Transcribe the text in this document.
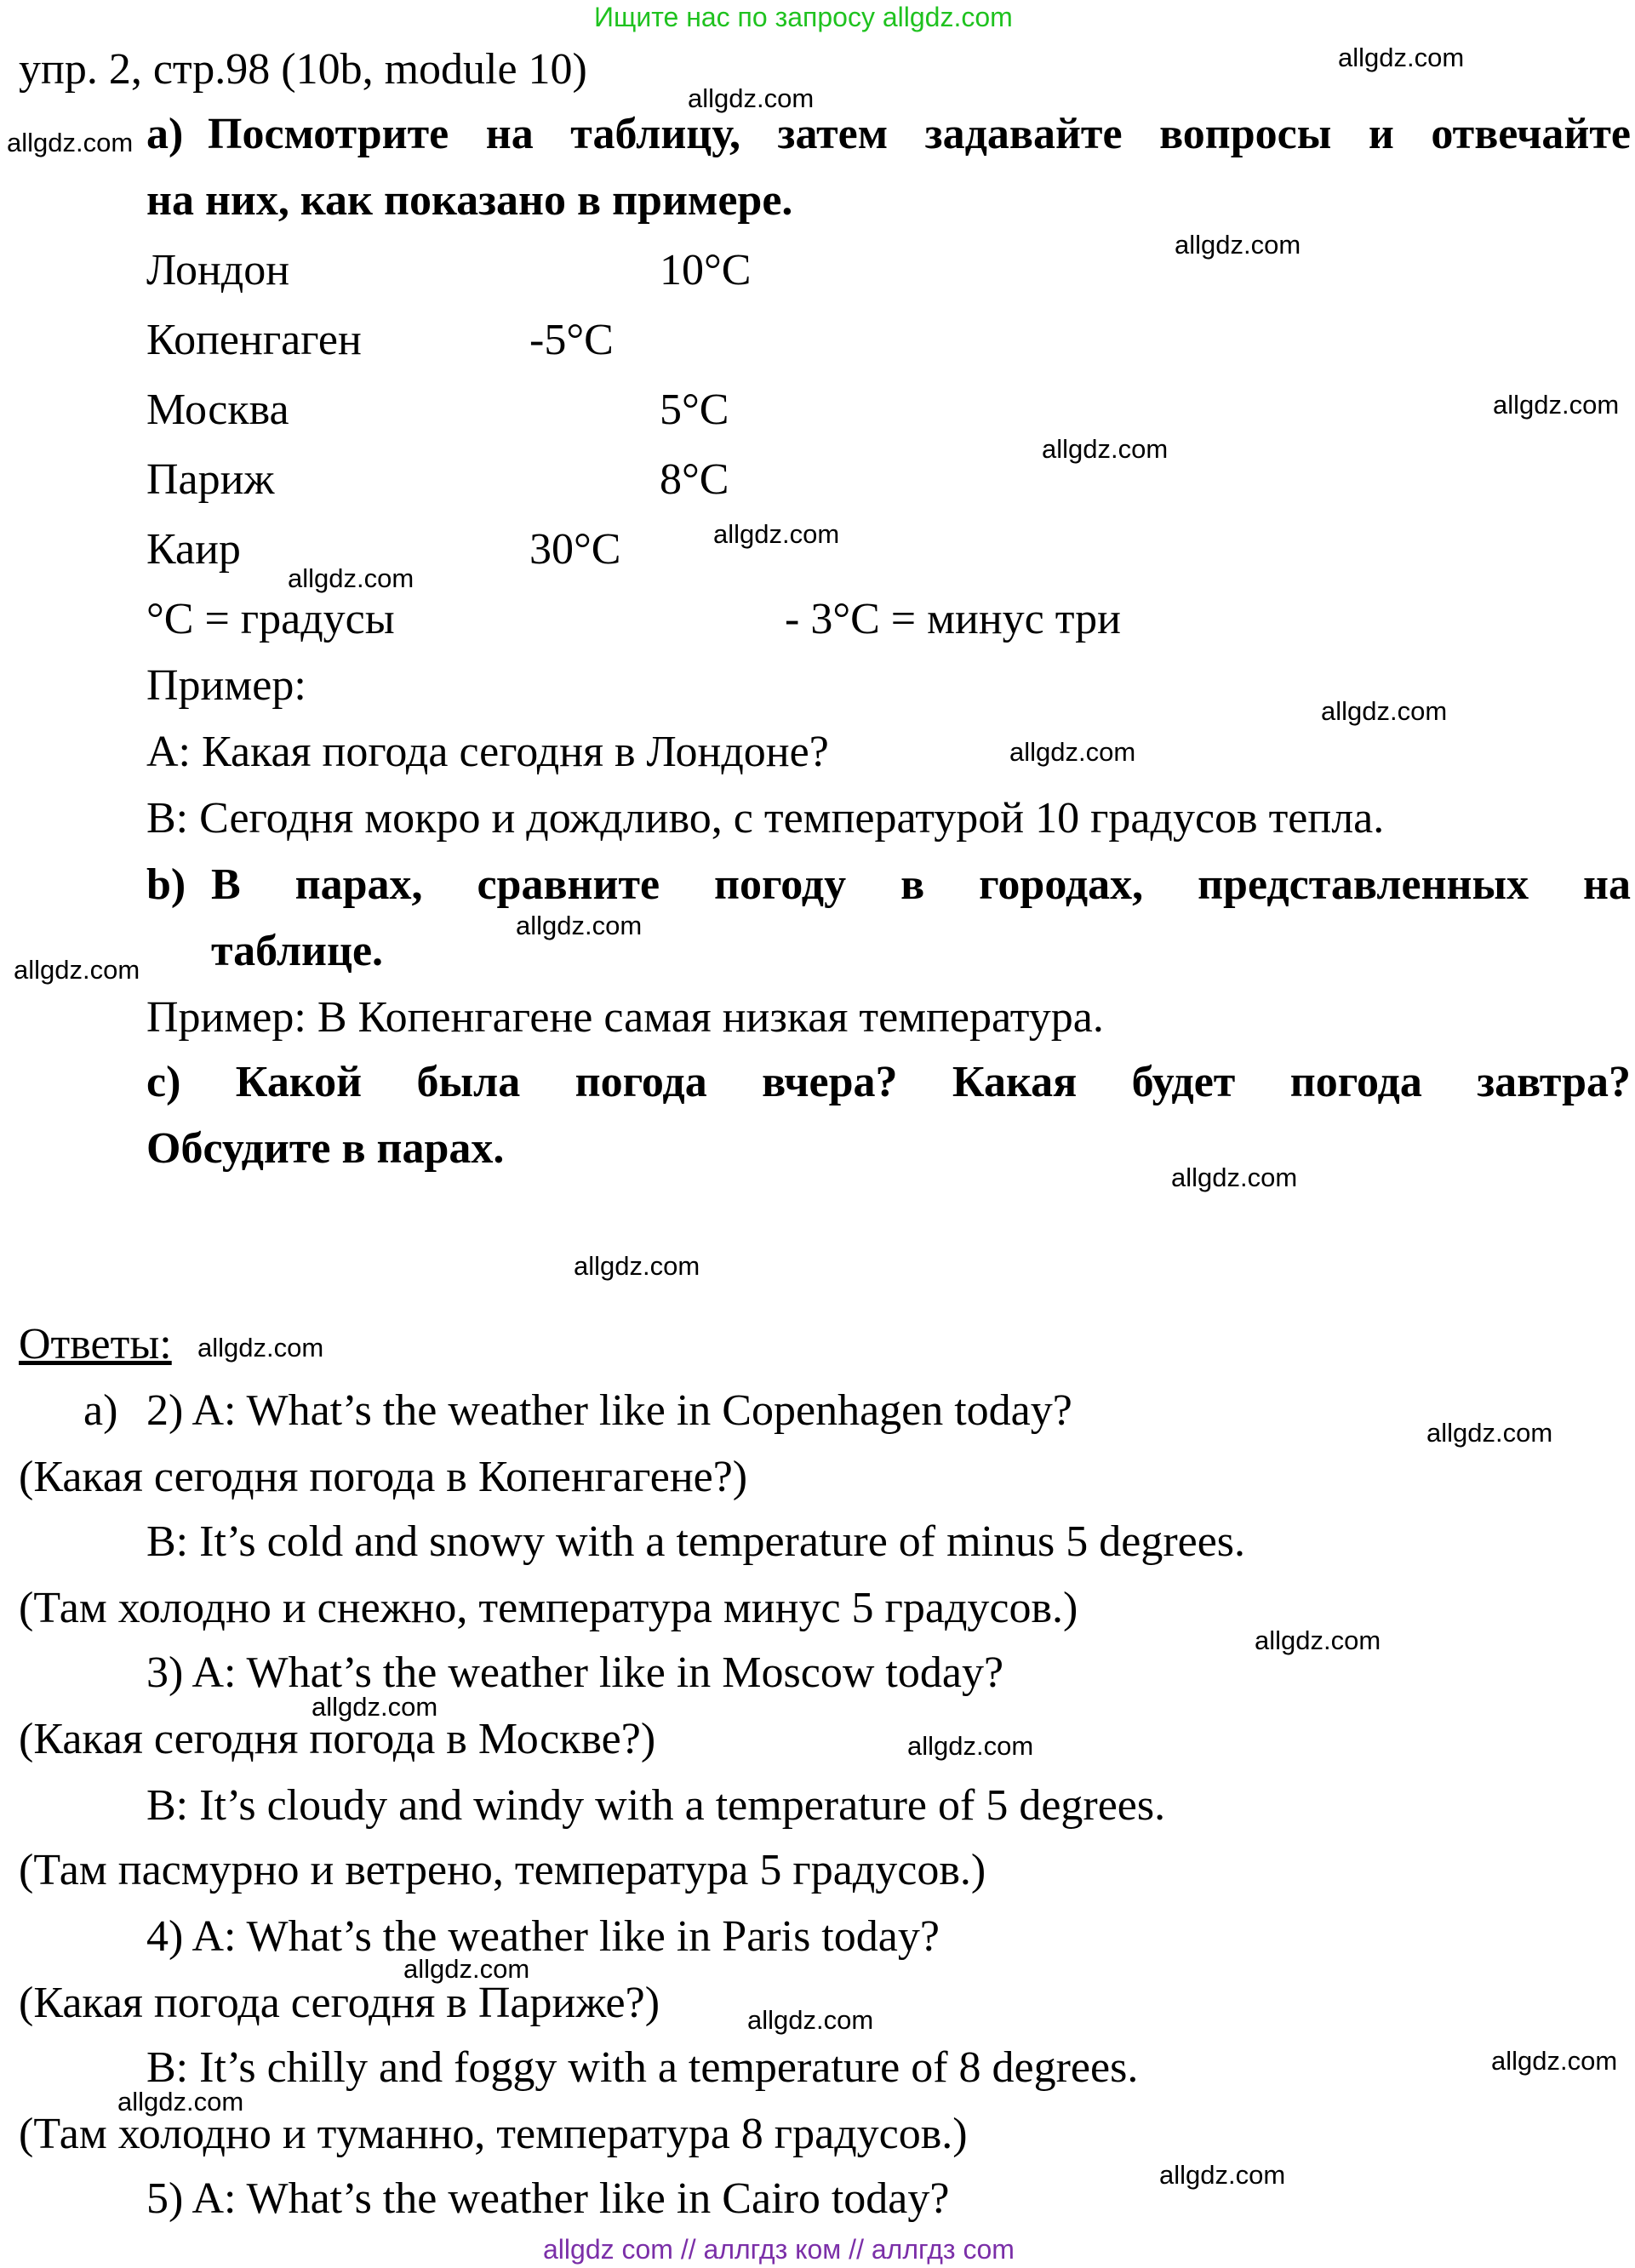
Ищите нас по запросу allgdz.com
упр. 2, стр.98 (10b, module 10)
a) Посмотрите на таблицу, затем задавайте вопросы и отвечайте
на них, как показано в примере.
Лондон	10°C
Копенгаген	-5°C
Москва	5°C
Париж	8°C
Каир	30°C
°C = градусы	- 3°C = минус три
Пример:
A: Какая погода сегодня в Лондоне?
B: Сегодня мокро и дождливо, с температурой 10 градусов тепла.
b) В парах, сравните погоду в городах, представленных на
таблице.
Пример: В Копенгагене самая низкая температура.
c) Какой была погода вчера? Какая будет погода завтра?
Обсудите в парах.
Ответы:
a) 2) A: What’s the weather like in Copenhagen today?
(Какая сегодня погода в Копенгагене?)
B: It’s cold and snowy with a temperature of minus 5 degrees.
(Там холодно и снежно, температура минус 5 градусов.)
3) A: What’s the weather like in Moscow today?
(Какая сегодня погода в Москве?)
B: It’s cloudy and windy with a temperature of 5 degrees.
(Там пасмурно и ветрено, температура 5 градусов.)
4) A: What’s the weather like in Paris today?
(Какая погода сегодня в Париже?)
B: It’s chilly and foggy with a temperature of 8 degrees.
(Там холодно и туманно, температура 8 градусов.)
5) A: What’s the weather like in Cairo today?
allgdz.com
allgdz.com
allgdz.com
allgdz.com
allgdz.com
allgdz.com
allgdz.com
allgdz.com
allgdz.com
allgdz.com
allgdz.com
allgdz.com
allgdz.com
allgdz.com
allgdz.com
allgdz.com
allgdz.com
allgdz.com
allgdz.com
allgdz.com
allgdz.com
allgdz.com
allgdz.com
allgdz.com
allgdz com // аллгдз ком // аллгдз com
